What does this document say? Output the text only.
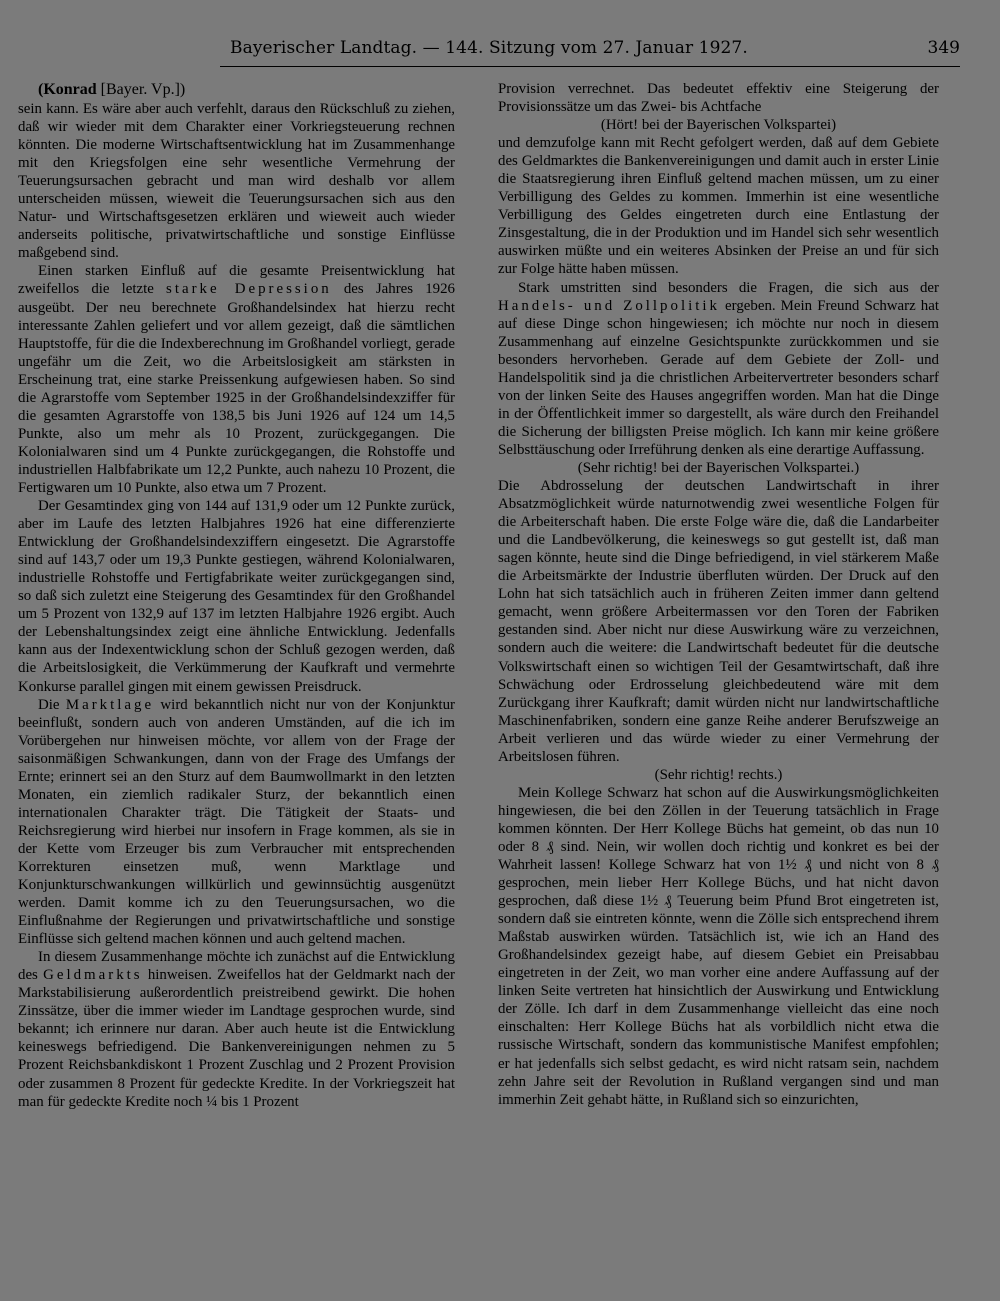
Bayerischer Landtag. — 144. Sitzung vom 27. Januar 1927.	349

(Konrad [Bayer. Vp.])

sein kann. Es wäre aber auch verfehlt, daraus den Rückschluß zu ziehen, daß wir wieder mit dem Charakter einer Vorkriegsteuerung rechnen könnten. Die moderne Wirtschaftsentwicklung hat im Zusammenhange mit den Kriegsfolgen eine sehr wesentliche Vermehrung der Teuerungsursachen gebracht und man wird deshalb vor allem unterscheiden müssen, wieweit die Teuerungsursachen sich aus den Natur- und Wirtschaftsgesetzen erklären und wieweit auch wieder anderseits politische, privatwirtschaftliche und sonstige Einflüsse maßgebend sind.

Einen starken Einfluß auf die gesamte Preisentwicklung hat zweifellos die letzte starke Depression des Jahres 1926 ausgeübt. Der neu berechnete Großhandelsindex hat hierzu recht interessante Zahlen geliefert und vor allem gezeigt, daß die sämtlichen Hauptstoffe, für die die Indexberechnung im Großhandel vorliegt, gerade ungefähr um die Zeit, wo die Arbeitslosigkeit am stärksten in Erscheinung trat, eine starke Preissenkung aufgewiesen haben. So sind die Agrarstoffe vom September 1925 in der Großhandelsindexziffer für die gesamten Agrarstoffe von 138,5 bis Juni 1926 auf 124 um 14,5 Punkte, also um mehr als 10 Prozent, zurückgegangen. Die Kolonialwaren sind um 4 Punkte zurückgegangen, die Rohstoffe und industriellen Halbfabrikate um 12,2 Punkte, auch nahezu 10 Prozent, die Fertigwaren um 10 Punkte, also etwa um 7 Prozent.

Der Gesamtindex ging von 144 auf 131,9 oder um 12 Punkte zurück, aber im Laufe des letzten Halbjahres 1926 hat eine differenzierte Entwicklung der Großhandelsindexziffern eingesetzt. Die Agrarstoffe sind auf 143,7 oder um 19,3 Punkte gestiegen, während Kolonialwaren, industrielle Rohstoffe und Fertigfabrikate weiter zurückgegangen sind, so daß sich zuletzt eine Steigerung des Gesamtindex für den Großhandel um 5 Prozent von 132,9 auf 137 im letzten Halbjahre 1926 ergibt. Auch der Lebenshaltungsindex zeigt eine ähnliche Entwicklung. Jedenfalls kann aus der Indexentwicklung schon der Schluß gezogen werden, daß die Arbeitslosigkeit, die Verkümmerung der Kaufkraft und vermehrte Konkurse parallel gingen mit einem gewissen Preisdruck.

Die Marktlage wird bekanntlich nicht nur von der Konjunktur beeinflußt, sondern auch von anderen Umständen, auf die ich im Vorübergehen nur hinweisen möchte, vor allem von der Frage der saisonmäßigen Schwankungen, dann von der Frage des Umfangs der Ernte; erinnert sei an den Sturz auf dem Baumwollmarkt in den letzten Monaten, ein ziemlich radikaler Sturz, der bekanntlich einen internationalen Charakter trägt. Die Tätigkeit der Staats- und Reichsregierung wird hierbei nur insofern in Frage kommen, als sie in der Kette vom Erzeuger bis zum Verbraucher mit entsprechenden Korrekturen einsetzen muß, wenn Marktlage und Konjunkturschwankungen willkürlich und gewinnsüchtig ausgenützt werden. Damit komme ich zu den Teuerungsursachen, wo die Einflußnahme der Regierungen und privatwirtschaftliche und sonstige Einflüsse sich geltend machen können und auch geltend machen.

In diesem Zusammenhange möchte ich zunächst auf die Entwicklung des Geldmarkts hinweisen. Zweifellos hat der Geldmarkt nach der Markstabilisierung außerordentlich preistreibend gewirkt. Die hohen Zinssätze, über die immer wieder im Landtage gesprochen wurde, sind bekannt; ich erinnere nur daran. Aber auch heute ist die Entwicklung keineswegs befriedigend. Die Bankenvereinigungen nehmen zu 5 Prozent Reichsbankdiskont 1 Prozent Zuschlag und 2 Prozent Provision oder zusammen 8 Prozent für gedeckte Kredite. In der Vorkriegszeit hat man für gedeckte Kredite noch ¼ bis 1 Prozent

Provision verrechnet. Das bedeutet effektiv eine Steigerung der Provisionssätze um das Zwei- bis Achtfache

(Hört! bei der Bayerischen Volkspartei)

und demzufolge kann mit Recht gefolgert werden, daß auf dem Gebiete des Geldmarktes die Bankenvereinigungen und damit auch in erster Linie die Staatsregierung ihren Einfluß geltend machen müssen, um zu einer Verbilligung des Geldes zu kommen. Immerhin ist eine wesentliche Verbilligung des Geldes eingetreten durch eine Entlastung der Zinsgestaltung, die in der Produktion und im Handel sich sehr wesentlich auswirken müßte und ein weiteres Absinken der Preise an und für sich zur Folge hätte haben müssen.

Stark umstritten sind besonders die Fragen, die sich aus der Handels- und Zollpolitik ergeben. Mein Freund Schwarz hat auf diese Dinge schon hingewiesen; ich möchte nur noch in diesem Zusammenhang auf einzelne Gesichtspunkte zurückkommen und sie besonders hervorheben. Gerade auf dem Gebiete der Zoll- und Handelspolitik sind ja die christlichen Arbeitervertreter besonders scharf von der linken Seite des Hauses angegriffen worden. Man hat die Dinge in der Öffentlichkeit immer so dargestellt, als wäre durch den Freihandel die Sicherung der billigsten Preise möglich. Ich kann mir keine größere Selbsttäuschung oder Irreführung denken als eine derartige Auffassung.

(Sehr richtig! bei der Bayerischen Volkspartei.)

Die Abdrosselung der deutschen Landwirtschaft in ihrer Absatzmöglichkeit würde naturnotwendig zwei wesentliche Folgen für die Arbeiterschaft haben. Die erste Folge wäre die, daß die Landarbeiter und die Landbevölkerung, die keineswegs so gut gestellt ist, daß man sagen könnte, heute sind die Dinge befriedigend, in viel stärkerem Maße die Arbeitsmärkte der Industrie überfluten würden. Der Druck auf den Lohn hat sich tatsächlich auch in früheren Zeiten immer dann geltend gemacht, wenn größere Arbeitermassen vor den Toren der Fabriken gestanden sind. Aber nicht nur diese Auswirkung wäre zu verzeichnen, sondern auch die weitere: die Landwirtschaft bedeutet für die deutsche Volkswirtschaft einen so wichtigen Teil der Gesamtwirtschaft, daß ihre Schwächung oder Erdrosselung gleichbedeutend wäre mit dem Zurückgang ihrer Kaufkraft; damit würden nicht nur landwirtschaftliche Maschinenfabriken, sondern eine ganze Reihe anderer Berufszweige an Arbeit verlieren und das würde wieder zu einer Vermehrung der Arbeitslosen führen.

(Sehr richtig! rechts.)

Mein Kollege Schwarz hat schon auf die Auswirkungsmöglichkeiten hingewiesen, die bei den Zöllen in der Teuerung tatsächlich in Frage kommen könnten. Der Herr Kollege Büchs hat gemeint, ob das nun 10 oder 8 ₰ sind. Nein, wir wollen doch richtig und konkret es bei der Wahrheit lassen! Kollege Schwarz hat von 1½ ₰ und nicht von 8 ₰ gesprochen, mein lieber Herr Kollege Büchs, und hat nicht davon gesprochen, daß diese 1½ ₰ Teuerung beim Pfund Brot eingetreten ist, sondern daß sie eintreten könnte, wenn die Zölle sich entsprechend ihrem Maßstab auswirken würden. Tatsächlich ist, wie ich an Hand des Großhandelsindex gezeigt habe, auf diesem Gebiet ein Preisabbau eingetreten in der Zeit, wo man vorher eine andere Auffassung auf der linken Seite vertreten hat hinsichtlich der Auswirkung und Entwicklung der Zölle. Ich darf in dem Zusammenhange vielleicht das eine noch einschalten: Herr Kollege Büchs hat als vorbildlich nicht etwa die russische Wirtschaft, sondern das kommunistische Manifest empfohlen; er hat jedenfalls sich selbst gedacht, es wird nicht ratsam sein, nachdem zehn Jahre seit der Revolution in Rußland vergangen sind und man immerhin Zeit gehabt hätte, in Rußland sich so einzurichten,
